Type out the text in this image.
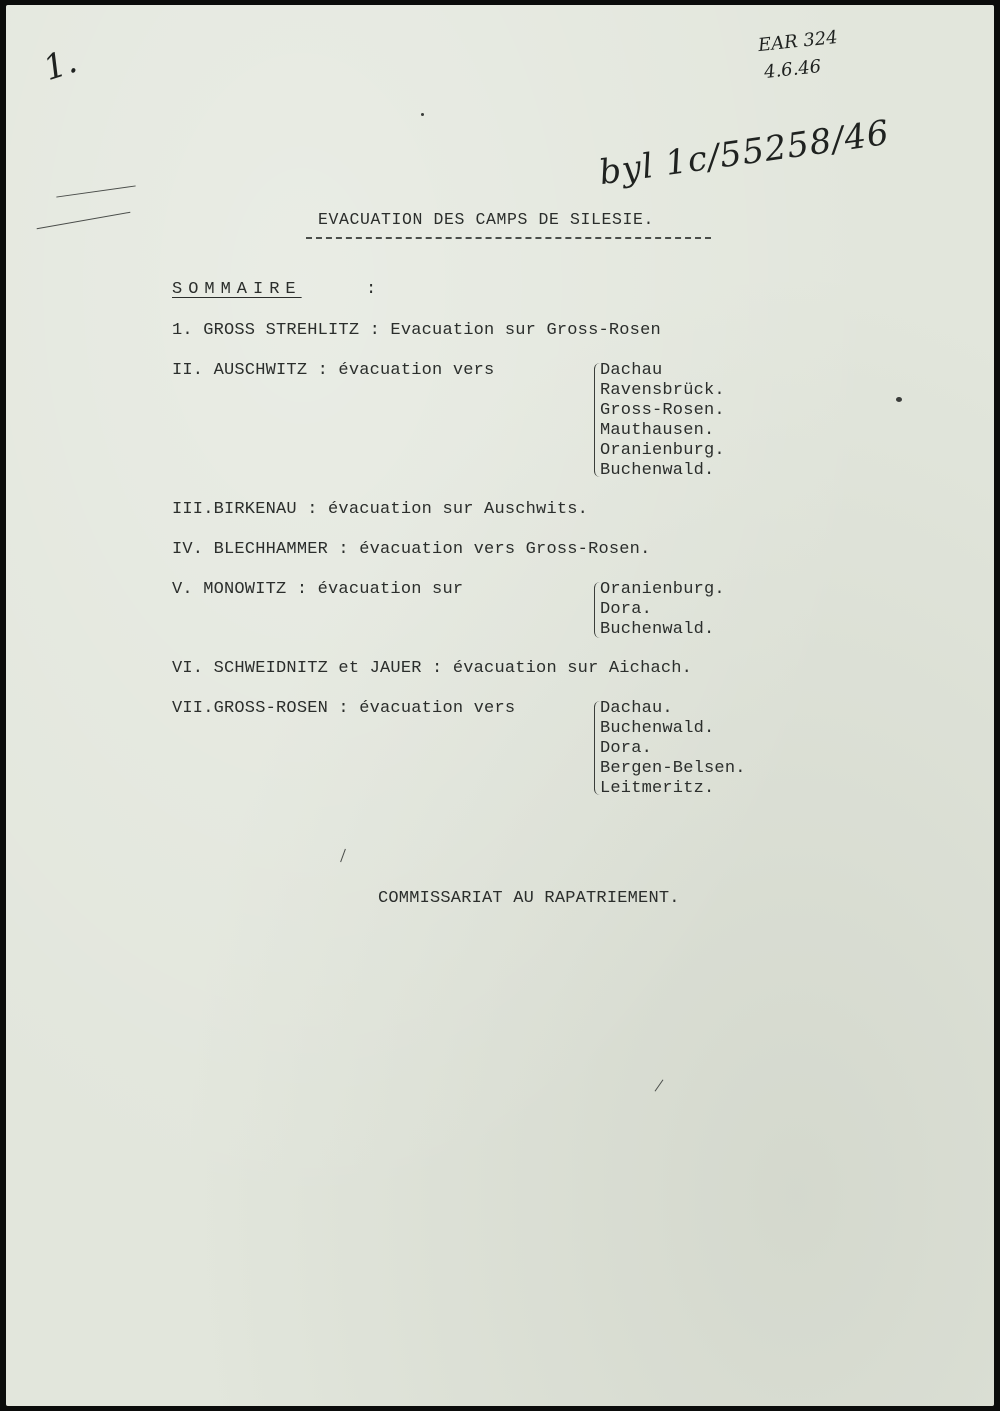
1.	EAR 324
4.6.46
byl 1c/55258/46
EVACUATION DES CAMPS DE SILESIE.
SOMMAIRE	:
1. GROSS STREHLITZ : Evacuation sur Gross-Rosen
II. AUSCHWITZ : évacuation vers

	Dachau

Ravensbrück.

Gross-Rosen.

Mauthausen.

Oranienburg.

Buchenwald.

III.BIRKENAU : évacuation sur Auschwits.
IV. BLECHHAMMER : évacuation vers Gross-Rosen.
V. MONOWITZ : évacuation sur

	Oranienburg.

Dora.

Buchenwald.

VI. SCHWEIDNITZ et JAUER : évacuation sur Aichach.
VII.GROSS-ROSEN : évacuation vers

	Dachau.

Buchenwald.

Dora.

Bergen-Belsen.

Leitmeritz.

COMMISSARIAT AU RAPATRIEMENT.
